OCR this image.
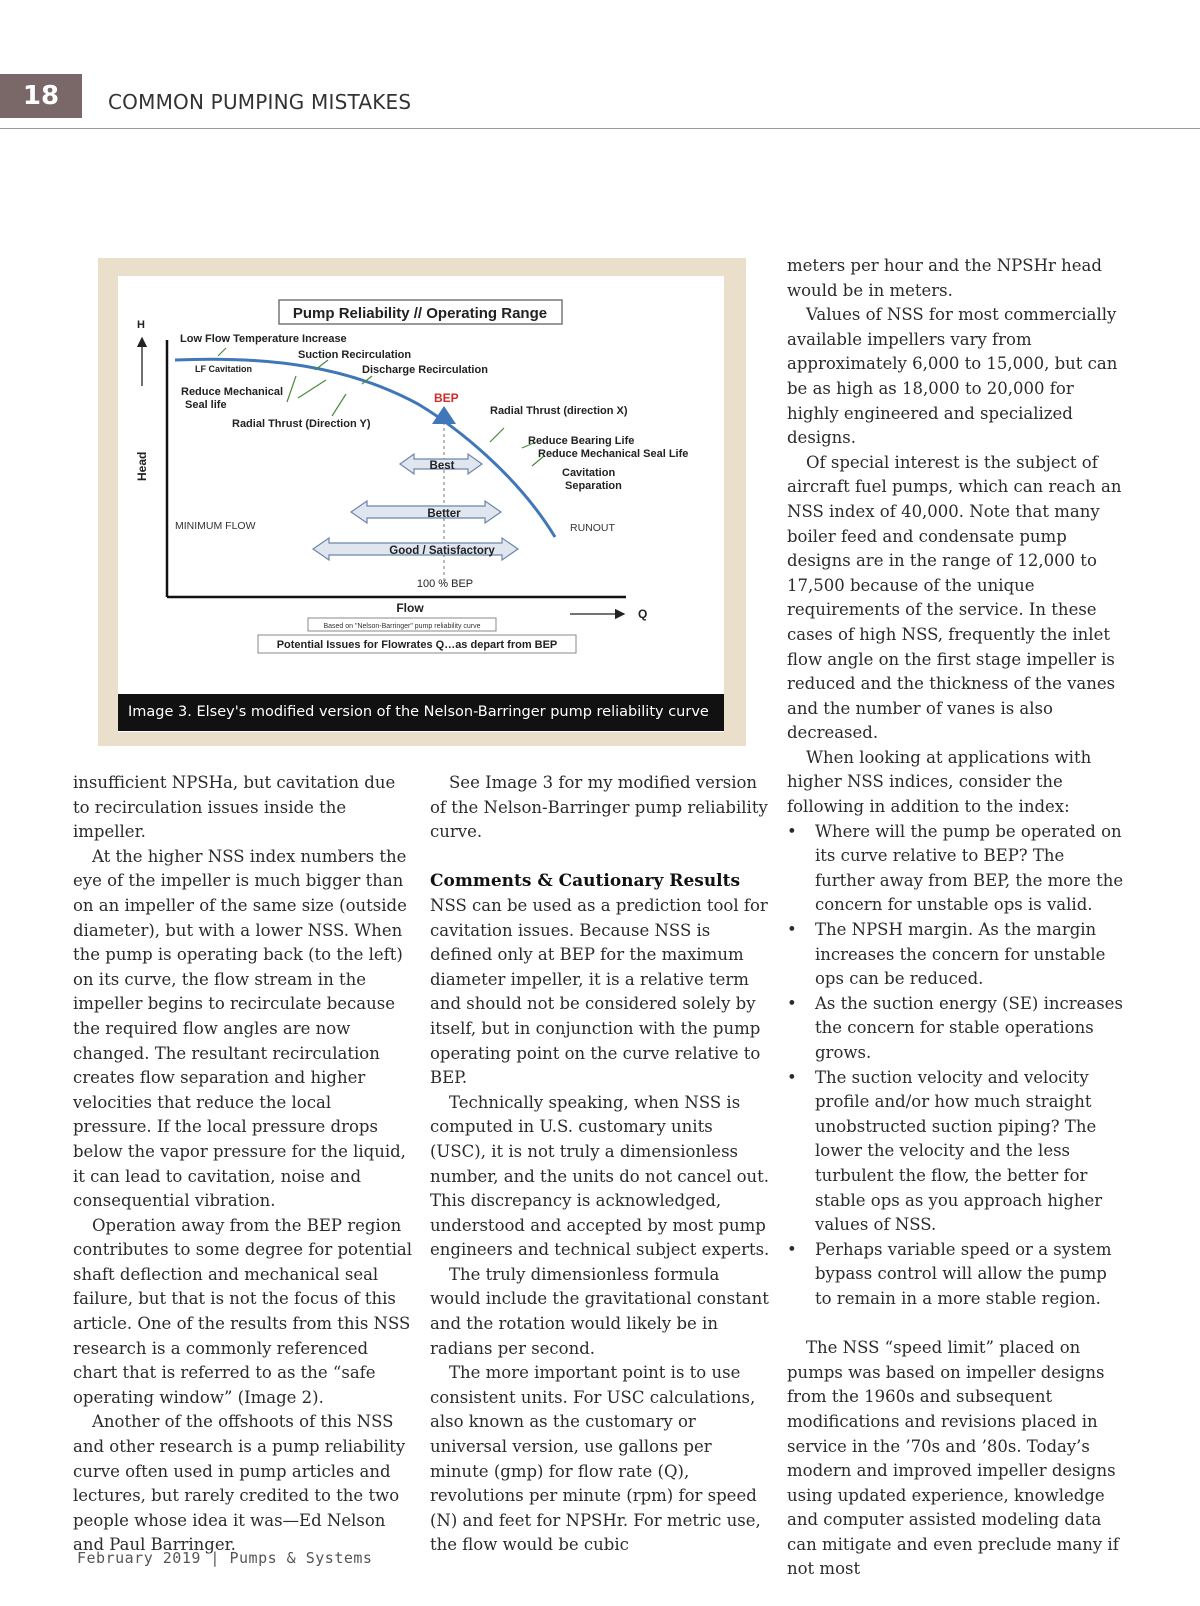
18	COMMON PUMPING MISTAKES
Pump Reliability // Operating Range
H
Head
BEP
Low Flow Temperature Increase
Suction Recirculation
LF Cavitation	Discharge Recirculation
Reduce Mechanical
Seal life	Radial Thrust (direction X)
Radial Thrust (Direction Y)
Reduce Bearing Life
Reduce Mechanical Seal Life
Cavitation
Separation
MINIMUM FLOW	RUNOUT
Best
Better
Good / Satisfactory
100 % BEP
Flow	Q
Based on "Nelson-Barringer" pump reliability curve
Potential Issues for Flowrates Q…as depart from BEP
Image 3. Elsey's modified version of the Nelson-Barringer pump reliability curve

insufficient NPSHa, but cavitation due to recirculation issues inside the impeller.

At the higher NSS index numbers the eye of the impeller is much bigger than on an impeller of the same size (outside diameter), but with a lower NSS. When the pump is operating back (to the left) on its curve, the flow stream in the impeller begins to recirculate because the required flow angles are now changed. The resultant recirculation creates flow separation and higher velocities that reduce the local pressure. If the local pressure drops below the vapor pressure for the liquid, it can lead to cavitation, noise and consequential vibration.

Operation away from the BEP region contributes to some degree for potential shaft deflection and mechanical seal failure, but that is not the focus of this article. One of the results from this NSS research is a commonly referenced chart that is referred to as the “safe operating window” (Image 2).

Another of the offshoots of this NSS and other research is a pump reliability curve often used in pump articles and lectures, but rarely credited to the two people whose idea it was—Ed Nelson and Paul Barringer.

See Image 3 for my modified version of the Nelson-Barringer pump reliability curve.

Comments & Cautionary Results

NSS can be used as a prediction tool for cavitation issues. Because NSS is defined only at BEP for the maximum diameter impeller, it is a relative term and should not be considered solely by itself, but in conjunction with the pump operating point on the curve relative to BEP.

Technically speaking, when NSS is computed in U.S. customary units (USC), it is not truly a dimensionless number, and the units do not cancel out. This discrepancy is acknowledged, understood and accepted by most pump engineers and technical subject experts.

The truly dimensionless formula would include the gravitational constant and the rotation would likely be in radians per second.

The more important point is to use consistent units. For USC calculations, also known as the customary or universal version, use gallons per minute (gmp) for flow rate (Q), revolutions per minute (rpm) for speed (N) and feet for NPSHr. For metric use, the flow would be cubic

meters per hour and the NPSHr head would be in meters.

Values of NSS for most commercially available impellers vary from approximately 6,000 to 15,000, but can be as high as 18,000 to 20,000 for highly engineered and specialized designs.

Of special interest is the subject of aircraft fuel pumps, which can reach an NSS index of 40,000. Note that many boiler feed and condensate pump designs are in the range of 12,000 to 17,500 because of the unique requirements of the service. In these cases of high NSS, frequently the inlet flow angle on the first stage impeller is reduced and the thickness of the vanes and the number of vanes is also decreased.

When looking at applications with higher NSS indices, consider the following in addition to the index:

• Where will the pump be operated on its curve relative to BEP? The further away from BEP, the more the concern for unstable ops is valid.
• The NPSH margin. As the margin increases the concern for unstable ops can be reduced.
• As the suction energy (SE) increases the concern for stable operations grows.
• The suction velocity and velocity profile and/or how much straight unobstructed suction piping? The lower the velocity and the less turbulent the flow, the better for stable ops as you approach higher values of NSS.
• Perhaps variable speed or a system bypass control will allow the pump to remain in a more stable region.

The NSS “speed limit” placed on pumps was based on impeller designs from the 1960s and subsequent modifications and revisions placed in service in the ’70s and ’80s. Today’s modern and improved impeller designs using updated experience, knowledge and computer assisted modeling data can mitigate and even preclude many if not most

February 2019 | Pumps & Systems
